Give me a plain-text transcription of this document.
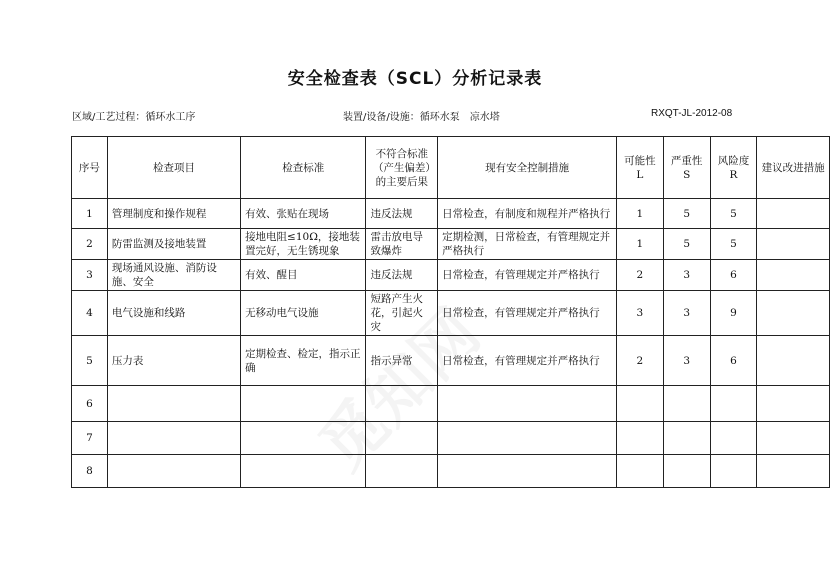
安全检查表（SCL）分析记录表
区域/工艺过程：循环水工序	装置/设备/设施：循环水泵　凉水塔	RXQT-JL-2012-08
序号	检查项目	检查标准	不符合标准（产生偏差）的主要后果	现有安全控制措施	可能性L	严重性S	风险度R	建议改进措施
1	管理制度和操作规程	有效、张贴在现场	违反法规	日常检查，有制度和规程并严格执行	1	5	5	
2	防雷监测及接地装置	接地电阻≤10Ω，接地装置完好，无生锈现象	雷击放电导致爆炸	定期检测，日常检查，有管理规定并严格执行	1	5	5	
3	现场通风设施、消防设施、安全	有效、醒目	违反法规	日常检查，有管理规定并严格执行	2	3	6	
4	电气设施和线路	无移动电气设施	短路产生火花，引起火灾	日常检查，有管理规定并严格执行	3	3	9	
5	压力表	定期检查、检定，指示正确	指示异常	日常检查，有管理规定并严格执行	2	3	6	
6								
7								
8								
